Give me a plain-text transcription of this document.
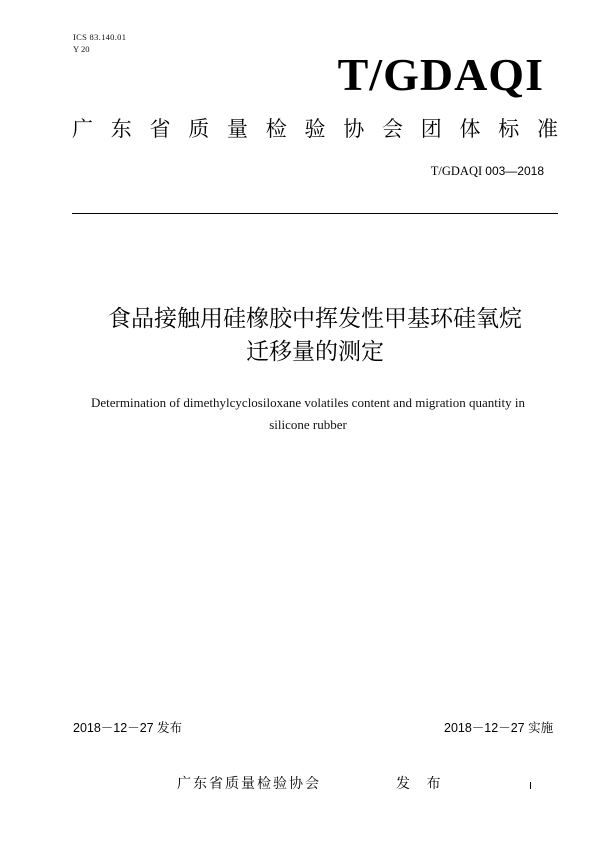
ICS 83.140.01
Y 20	T/GDAQI
广 东 省 质 量 检 验 协 会 团 体 标 准
T/GDAQI 003—2018
食品接触用硅橡胶中挥发性甲基环硅氧烷
迁移量的测定
Determination of dimethylcyclosiloxane volatiles content and migration quantity in
silicone rubber
2018－12－27 发布	2018－12－27 实施
广东省质量检验协会	发 布
